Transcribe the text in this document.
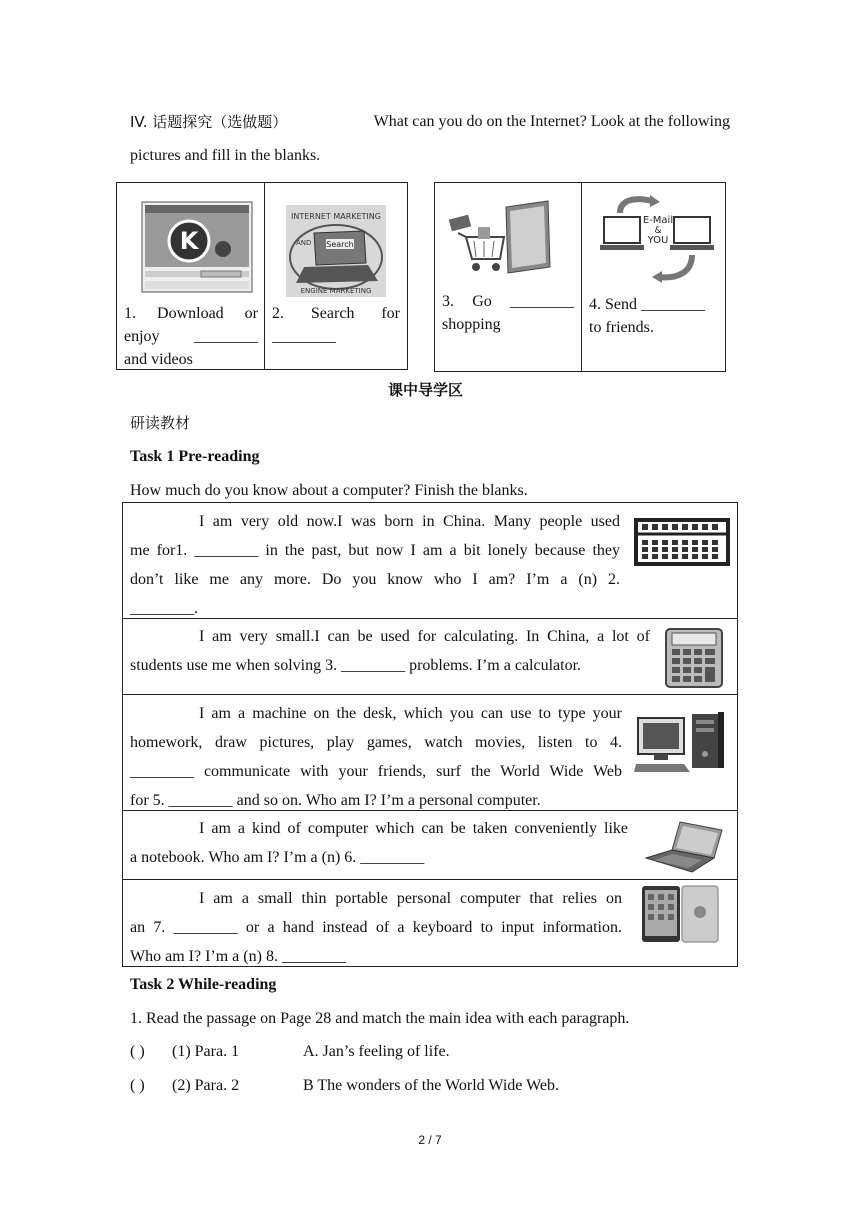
IV. 话题探究（选做题）	What can you do on the Internet? Look at the following
pictures and fill in the blanks.
K
INTERNET MARKETING
Search
AND
ENGINE MARKETING
E-Mail
&
YOU
1. Download or
enjoy ________
and videos
2. Search for
________
3. Go ________
shopping
4. Send ________
to friends.
课中导学区
研读教材
Task 1 Pre-reading
How much do you know about a computer? Finish the blanks.
I am very old now.I was born in China. Many people used
me for1. ________ in the past, but now I am a bit lonely because they
don’t like me any more. Do you know who I am? I’m a (n) 2.
________.
I am very small.I can be used for calculating. In China, a lot of
students use me when solving 3. ________ problems. I’m a calculator.
I am a machine on the desk, which you can use to type your
homework, draw pictures, play games, watch movies, listen to 4.
________ communicate with your friends, surf the World Wide Web
for 5. ________ and so on. Who am I? I’m a personal computer.
I am a kind of computer which can be taken conveniently like
a notebook. Who am I? I’m a (n) 6. ________
I am a small thin portable personal computer that relies on
an 7. ________ or a hand instead of a keyboard to input information.
Who am I? I’m a (n) 8. ________
Task 2 While-reading
1. Read the passage on Page 28 and match the main idea with each paragraph.
( ) (1) Para. 1	A. Jan’s feeling of life.
( ) (2) Para. 2	B The wonders of the World Wide Web.
2 / 7
